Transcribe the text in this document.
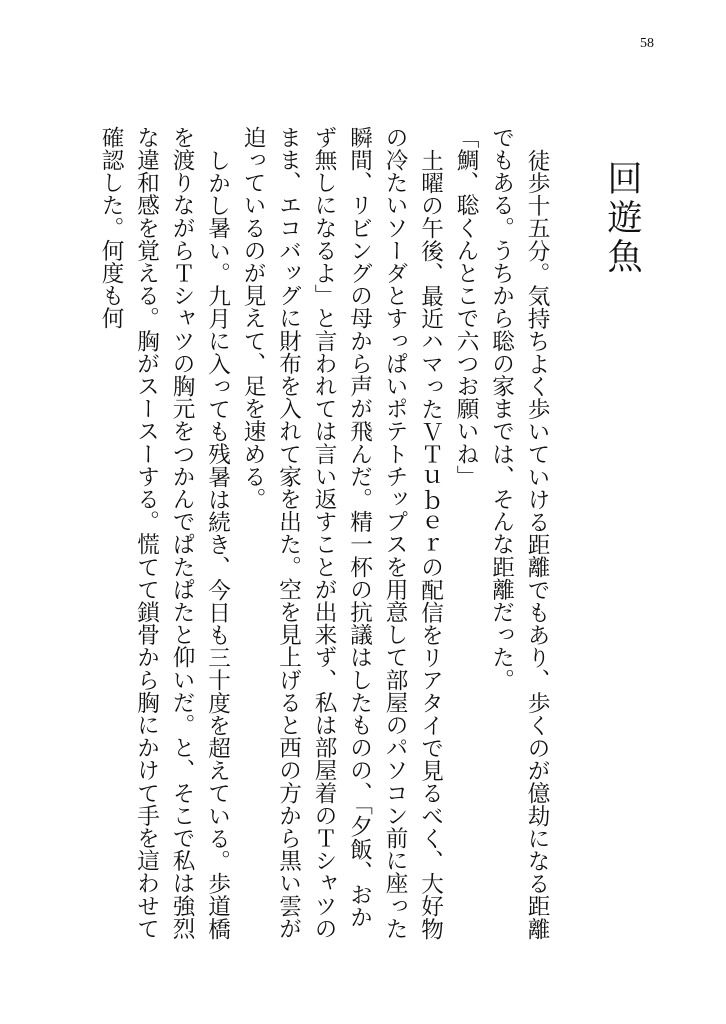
58
回遊魚

徒歩十五分。気持ちよく歩いていける距離でもあり、歩くのが億劫になる距離でもある。うちから聡の家までは、そんな距離だった。

「鯛、聡くんとこで六つお願いね」

土曜の午後、最近ハマったＶＴｕｂｅｒの配信をリアタイで見るべく、大好物の冷たいソーダとすっぱいポテトチップスを用意して部屋のパソコン前に座った瞬間、リビングの母から声が飛んだ。精一杯の抗議はしたものの、「夕飯、おかず無しになるよ」と言われては言い返すことが出来ず、私は部屋着のＴシャツのまま、エコバッグに財布を入れて家を出た。空を見上げると西の方から黒い雲が迫っているのが見えて、足を速める。

しかし暑い。九月に入っても残暑は続き、今日も三十度を超えている。歩道橋を渡りながらＴシャツの胸元をつかんでぱたぱたと仰いだ。と、そこで私は強烈な違和感を覚える。胸がスースーする。慌てて鎖骨から胸にかけて手を這わせて確認した。何度も何
